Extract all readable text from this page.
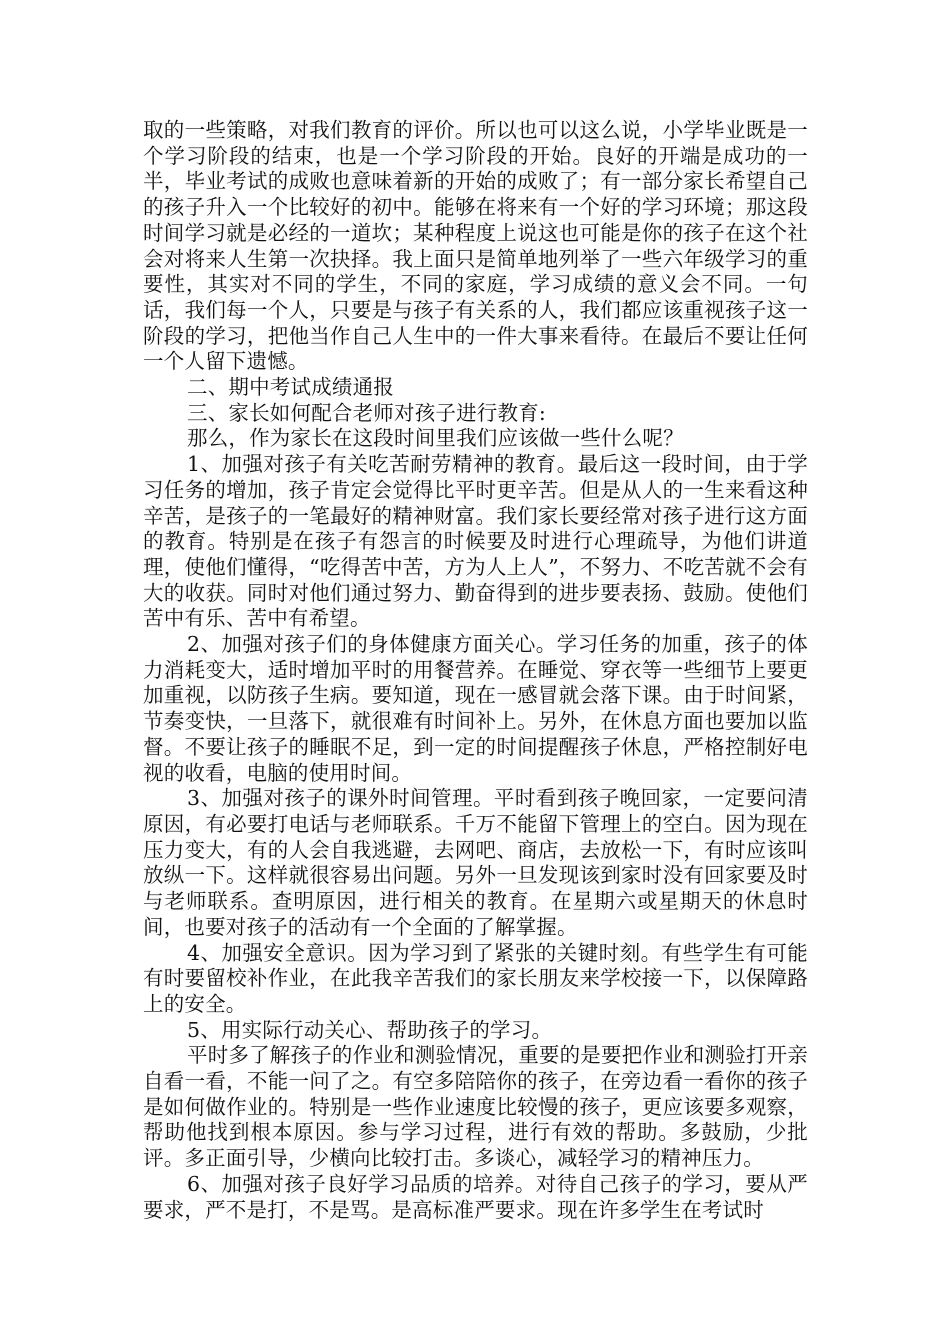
取的一些策略，对我们教育的评价。所以也可以这么说，小学毕业既是一个学习阶段的结束，也是一个学习阶段的开始。良好的开端是成功的一半，毕业考试的成败也意味着新的开始的成败了；有一部分家长希望自己的孩子升入一个比较好的初中。能够在将来有一个好的学习环境；那这段时间学习就是必经的一道坎；某种程度上说这也可能是你的孩子在这个社会对将来人生第一次抉择。我上面只是简单地列举了一些六年级学习的重要性，其实对不同的学生，不同的家庭，学习成绩的意义会不同。一句话，我们每一个人，只要是与孩子有关系的人，我们都应该重视孩子这一阶段的学习，把他当作自己人生中的一件大事来看待。在最后不要让任何一个人留下遗憾。

二、期中考试成绩通报

三、家长如何配合老师对孩子进行教育:

那么，作为家长在这段时间里我们应该做一些什么呢？

1、加强对孩子有关吃苦耐劳精神的教育。最后这一段时间，由于学习任务的增加，孩子肯定会觉得比平时更辛苦。但是从人的一生来看这种辛苦，是孩子的一笔最好的精神财富。我们家长要经常对孩子进行这方面的教育。特别是在孩子有怨言的时候要及时进行心理疏导，为他们讲道理，使他们懂得，“吃得苦中苦，方为人上人”，不努力、不吃苦就不会有大的收获。同时对他们通过努力、勤奋得到的进步要表扬、鼓励。使他们苦中有乐、苦中有希望。

2、加强对孩子们的身体健康方面关心。学习任务的加重，孩子的体力消耗变大，适时增加平时的用餐营养。在睡觉、穿衣等一些细节上要更加重视，以防孩子生病。要知道，现在一感冒就会落下课。由于时间紧，节奏变快，一旦落下，就很难有时间补上。另外，在休息方面也要加以监督。不要让孩子的睡眠不足，到一定的时间提醒孩子休息，严格控制好电视的收看，电脑的使用时间。

3、加强对孩子的课外时间管理。平时看到孩子晚回家，一定要问清原因，有必要打电话与老师联系。千万不能留下管理上的空白。因为现在压力变大，有的人会自我逃避，去网吧、商店，去放松一下，有时应该叫放纵一下。这样就很容易出问题。另外一旦发现该到家时没有回家要及时与老师联系。查明原因，进行相关的教育。在星期六或星期天的休息时间，也要对孩子的活动有一个全面的了解掌握。

4、加强安全意识。因为学习到了紧张的关键时刻。有些学生有可能有时要留校补作业，在此我辛苦我们的家长朋友来学校接一下，以保障路上的安全。

5、用实际行动关心、帮助孩子的学习。

平时多了解孩子的作业和测验情况，重要的是要把作业和测验打开亲自看一看，不能一问了之。有空多陪陪你的孩子，在旁边看一看你的孩子是如何做作业的。特别是一些作业速度比较慢的孩子，更应该要多观察，帮助他找到根本原因。参与学习过程，进行有效的帮助。多鼓励，少批评。多正面引导，少横向比较打击。多谈心，减轻学习的精神压力。

6、加强对孩子良好学习品质的培养。对待自己孩子的学习，要从严要求，严不是打，不是骂。是高标准严要求。现在许多学生在考试时
